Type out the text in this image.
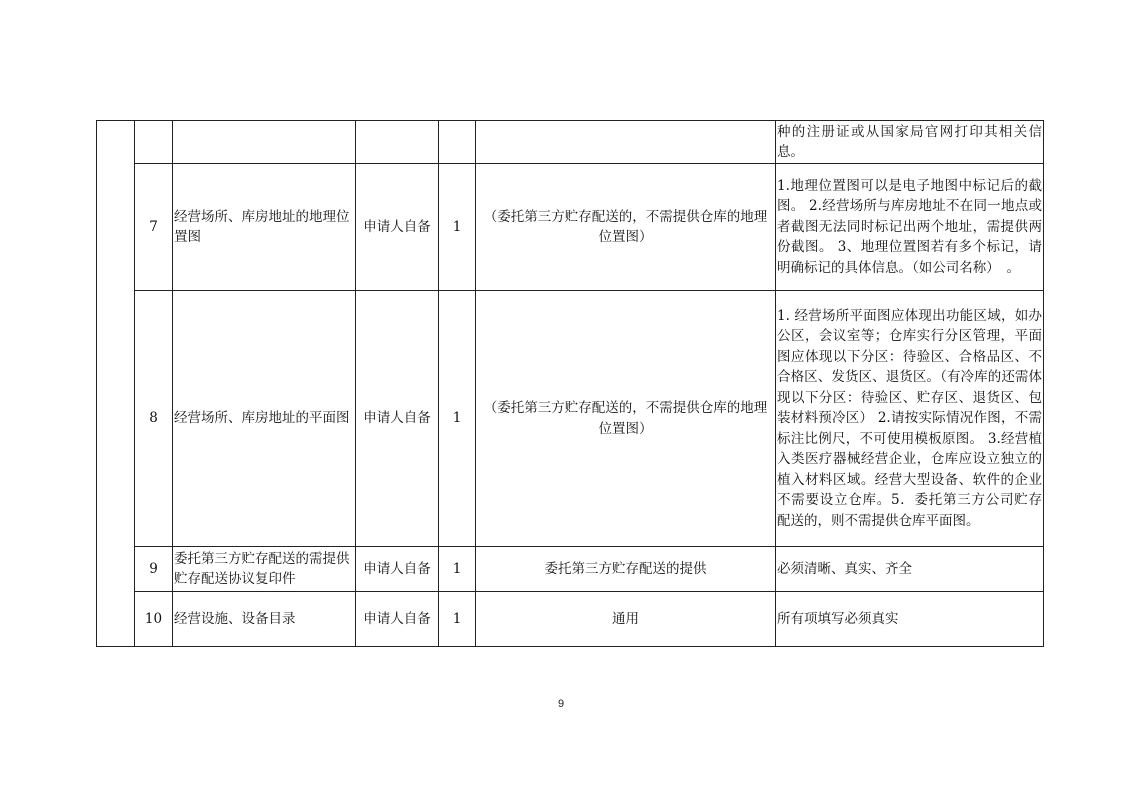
						种的注册证或从国家局官网打印其相关信息。
	7	经营场所、库房地址的地理位置图	申请人自备	1	（委托第三方贮存配送的，不需提供仓库的地理位置图）	1.地理位置图可以是电子地图中标记后的截图。 2.经营场所与库房地址不在同一地点或者截图无法同时标记出两个地址，需提供两份截图。 3、地理位置图若有多个标记，请明确标记的具体信息。（如公司名称）　。
	8	经营场所、库房地址的平面图	申请人自备	1	（委托第三方贮存配送的，不需提供仓库的地理位置图）	1. 经营场所平面图应体现出功能区域，如办公区，会议室等；仓库实行分区管理，平面图应体现以下分区：待验区、合格品区、不合格区、发货区、退货区。（有冷库的还需体现以下分区：待验区、贮存区、退货区、包装材料预冷区） 2.请按实际情况作图，不需标注比例尺，不可使用模板原图。 3.经营植入类医疗器械经营企业，仓库应设立独立的植入材料区域。经营大型设备、软件的企业不需要设立仓库。5．委托第三方公司贮存配送的，则不需提供仓库平面图。
	9	委托第三方贮存配送的需提供贮存配送协议复印件	申请人自备	1	委托第三方贮存配送的提供	必须清晰、真实、齐全
	10	经营设施、设备目录	申请人自备	1	通用	所有项填写必须真实
9
